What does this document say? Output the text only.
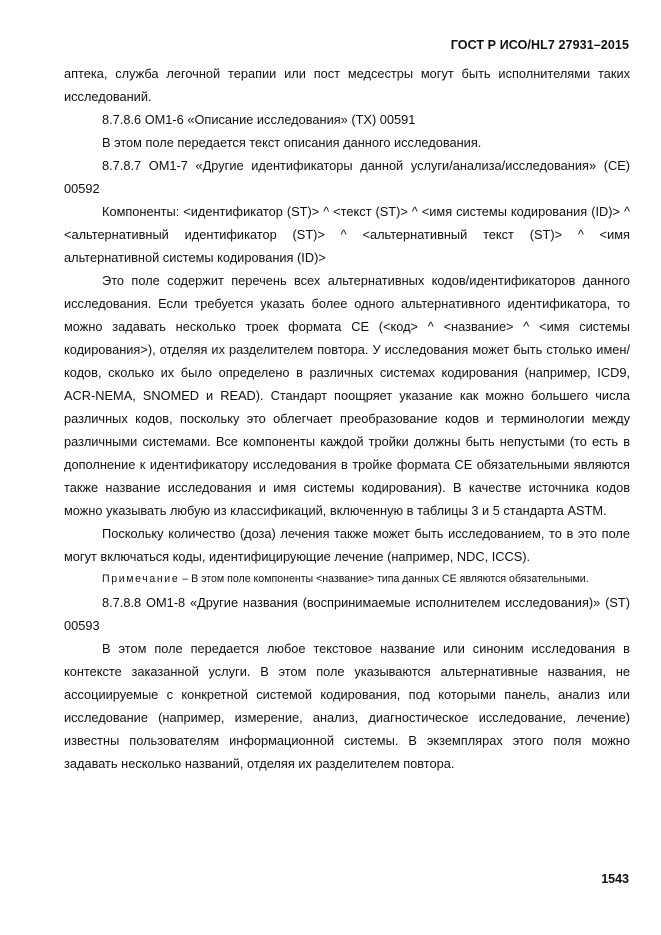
ГОСТ Р ИСО/HL7 27931–2015

аптека, служба легочной терапии или пост медсестры могут быть исполнителями таких исследований.

8.7.8.6 OM1-6 «Описание исследования» (TX) 00591

В этом поле передается текст описания данного исследования.

8.7.8.7 OM1-7 «Другие идентификаторы данной услуги/анализа/исследования» (CE) 00592

Компоненты: <идентификатор (ST)> ^ <текст (ST)> ^ <имя системы кодирования (ID)> ^ <альтернативный идентификатор (ST)> ^ <альтернативный текст (ST)> ^ <имя альтернативной системы кодирования (ID)>

Это поле содержит перечень всех альтернативных кодов/идентификаторов данного исследования. Если требуется указать более одного альтернативного идентификатора, то можно задавать несколько троек формата CE (<код> ^ <название> ^ <имя системы кодирования>), отделяя их разделителем повтора. У исследования может быть столько имен/кодов, сколько их было определено в различных системах кодирования (например, ICD9, ACR-NEMA, SNOMED и READ). Стандарт поощряет указание как можно большего числа различных кодов, поскольку это облегчает преобразование кодов и терминологии между различными системами. Все компоненты каждой тройки должны быть непустыми (то есть в дополнение к идентификатору исследования в тройке формата CE обязательными являются также название исследования и имя системы кодирования). В качестве источника кодов можно указывать любую из классификаций, включенную в таблицы 3 и 5 стандарта ASTM.

Поскольку количество (доза) лечения также может быть исследованием, то в это поле могут включаться коды, идентифицирующие лечение (например, NDC, ICCS).

Примечание – В этом поле компоненты <название> типа данных CE являются обязательными.

8.7.8.8 OM1-8 «Другие названия (воспринимаемые исполнителем исследования)» (ST) 00593

В этом поле передается любое текстовое название или синоним исследования в контексте заказанной услуги. В этом поле указываются альтернативные названия, не ассоциируемые с конкретной системой кодирования, под которыми панель, анализ или исследование (например, измерение, анализ, диагностическое исследование, лечение) известны пользователям информационной системы. В экземплярах этого поля можно задавать несколько названий, отделяя их разделителем повтора.

1543
